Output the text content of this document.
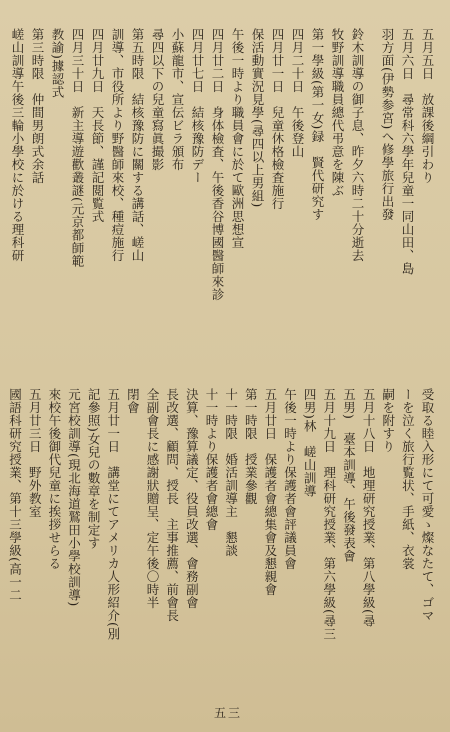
五月五日　放課後綱引わり
五月六日　尋常科六學年兒童一同山田、島
羽方面(伊勢参宮)へ修學旅行出發
鈴木訓導の御子息、昨夕六時二十分逝去
牧野訓導職員總代弔意を陳ぶ
第一學級(第一女)録　賢代研究す
四月二十日　午後登山
四月廿一日　兒童休格檢査施行
保活動實況見學(尋四以上男組)
午後一時より職員會に於て歐洲思想宣
四月廿二日　身体檢査、午後香谷博國醫師來診
四月廿七日　結核豫防デー
小蘇龍市、宣伝ビラ頒布
尋四以下の兒童寫眞撮影
第五時限　結核豫防に關する講話、嵯山
訓導、市役所より野醫師來校、種痘施行
四月廿九日　天長節、謹記閲覧式
四月三十日　新主導遊歡叢謎(元京都師範
教諭)據認式
第三時限　仲間男朗式余話
嵯山訓導午後三輪小學校に於ける理科研
受取る睦入形にて可愛ゝ燦なたて、ゴマ
ーを泣く旅行覧状、手紙、衣裳
嗣を附すり
五月十八日　地理研究授業、第八學級(尋
五男)　臺本訓導、午後發表會
五月十九日　理科研究授業、第六學級(尋三
四男)林　嵯山訓導
午後一時より保護者會評議員會
五月廿日　保護者會總集會及懇親會
第一時限　授業參觀
十一時限　婚活訓導主　懇談
十一時より保護者會總會
決算、豫算議定、役員改選、會務副會
長改選、顧問、授長　主事推薦、前會長
全副會長に感謝狀贈呈、定午後〇時半
閉會
五月廿一日　講堂にてアメリカ人形紹介(別
記參照)女兒の數章を制定す
元宮校訓導(現北海道鷲田小學校訓導)
來校午後御代兒童に挨拶せらる
五月廿三日　野外教室
國語科研究授業、第十三學級(高一二
五三
